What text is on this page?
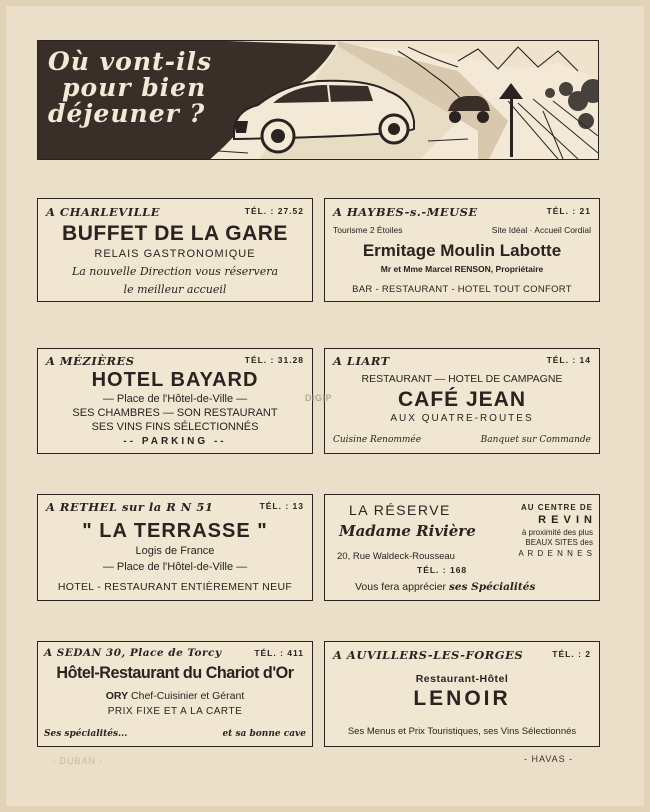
Où vont-ils
pour bien
déjeuner ?
A CHARLEVILLE	TÉL. : 27.52
BUFFET DE LA GARE
RELAIS GASTRONOMIQUE
La nouvelle Direction vous réservera
le meilleur accueil
A HAYBES-s.-MEUSE	TÉL. : 21
Tourisme 2 Étoiles	Site Idéal · Accueil Cordial
Ermitage Moulin Labotte
Mr et Mme Marcel RENSON, Propriétaire
BAR - RESTAURANT - HOTEL TOUT CONFORT
A MÉZIÈRES	TÉL. : 31.28
HOTEL BAYARD
— Place de l'Hôtel-de-Ville —
SES CHAMBRES — SON RESTAURANT
SES VINS FINS SÉLECTIONNÉS
-- PARKING --
A LIART	TÉL. : 14
RESTAURANT — HOTEL DE CAMPAGNE
CAFÉ JEAN
AUX QUATRE-ROUTES
Cuisine Renommée	Banquet sur Commande
A RETHEL sur la R N 51	TÉL. : 13
" LA TERRASSE "
Logis de France
— Place de l'Hôtel-de-Ville —
HOTEL - RESTAURANT ENTIÈREMENT NEUF
LA RÉSERVE
Madame Rivière
20, Rue Waldeck-Rousseau
TÉL. : 168
AU CENTRE DE
R E V I N
à proximité des plus
BEAUX SITES des
A R D E N N E S
Vous fera apprécier ses Spécialités
A SEDAN 30, Place de Torcy	TÉL. : 411
Hôtel-Restaurant du Chariot d'Or
ORY Chef-Cuisinier et Gérant
PRIX FIXE ET A LA CARTE
Ses spécialités...	et sa bonne cave
A AUVILLERS-LES-FORGES	TÉL. : 2
Restaurant-Hôtel
LENOIR
Ses Menus et Prix Touristiques, ses Vins Sélectionnés
DIGIP
- DUBAN -	- HAVAS -
